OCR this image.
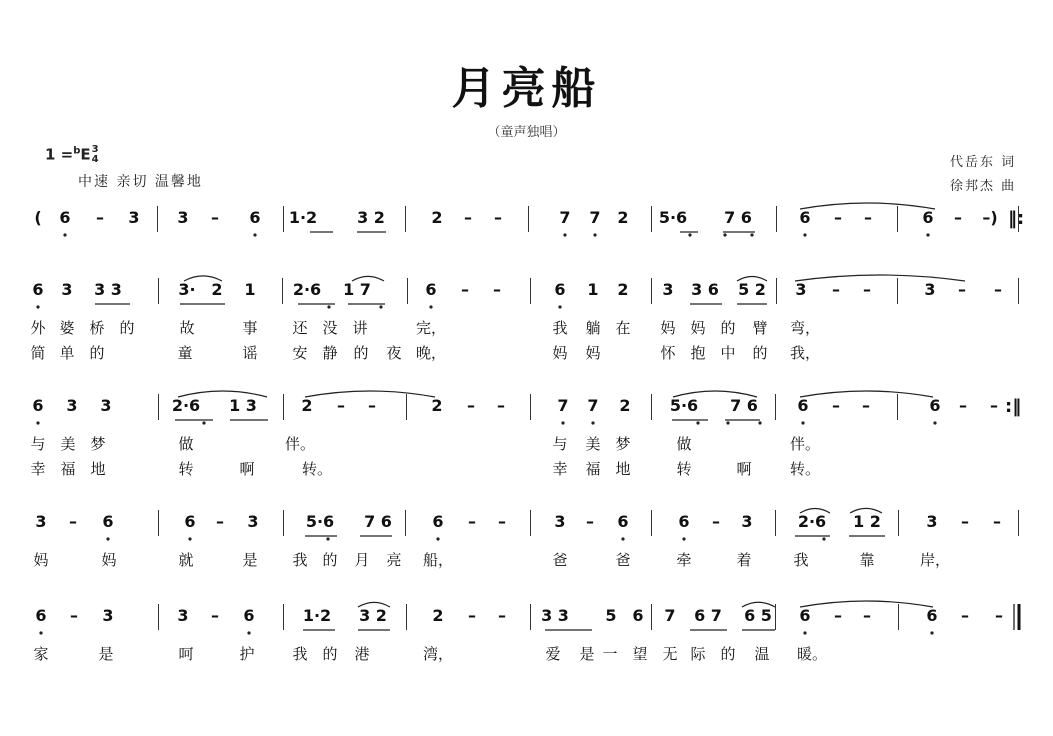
月亮船
（童声独唱）
1 =$^b$E3
4
中速 亲切 温馨地
代岳东 词
徐邦杰 曲
( 6 – 3 3 – 6 1·2 3 2	2 – –	7 7 2 5·6 7 6	6 – –	6 – –)
6 3 3 3	3· 2 1 2·6 1 7	6 – –	6 1 2 3 3 6 5 2 3 – –	3 – –
外 婆 桥 的	故	事 还 没 讲	完，	我 躺 在 妈 妈 的 臂 弯，
简 单 的	童	谣 安 静 的 夜 晚，	妈 妈	怀 抱 中 的 我，
6 3 3	2·6 1 3	2 – –	2 – –	7 7 2 5·6 7 6 6 – –	6 – –
与 美 梦	做	伴。	与 美 梦	做	伴。
幸 福 地	转	啊	转。	幸 福 地	转	啊	转。
3 – 6	6 – 3	5·6 7 6	6 – –	3 – 6	6 – 3	2·6 1 2	3 – –
妈	妈	就	是 我 的 月 亮 船，	爸	爸	牵	着	我	靠	岸，
6 – 3	3 – 6	1·2 3 2	2 – – 3 3 5 6 7 6 7 6 5 6 – –	6 – –
家	是	呵	护	我 的 港	湾，	爱 是 一 望 无 际 的 温 暖。
‖:
:‖
